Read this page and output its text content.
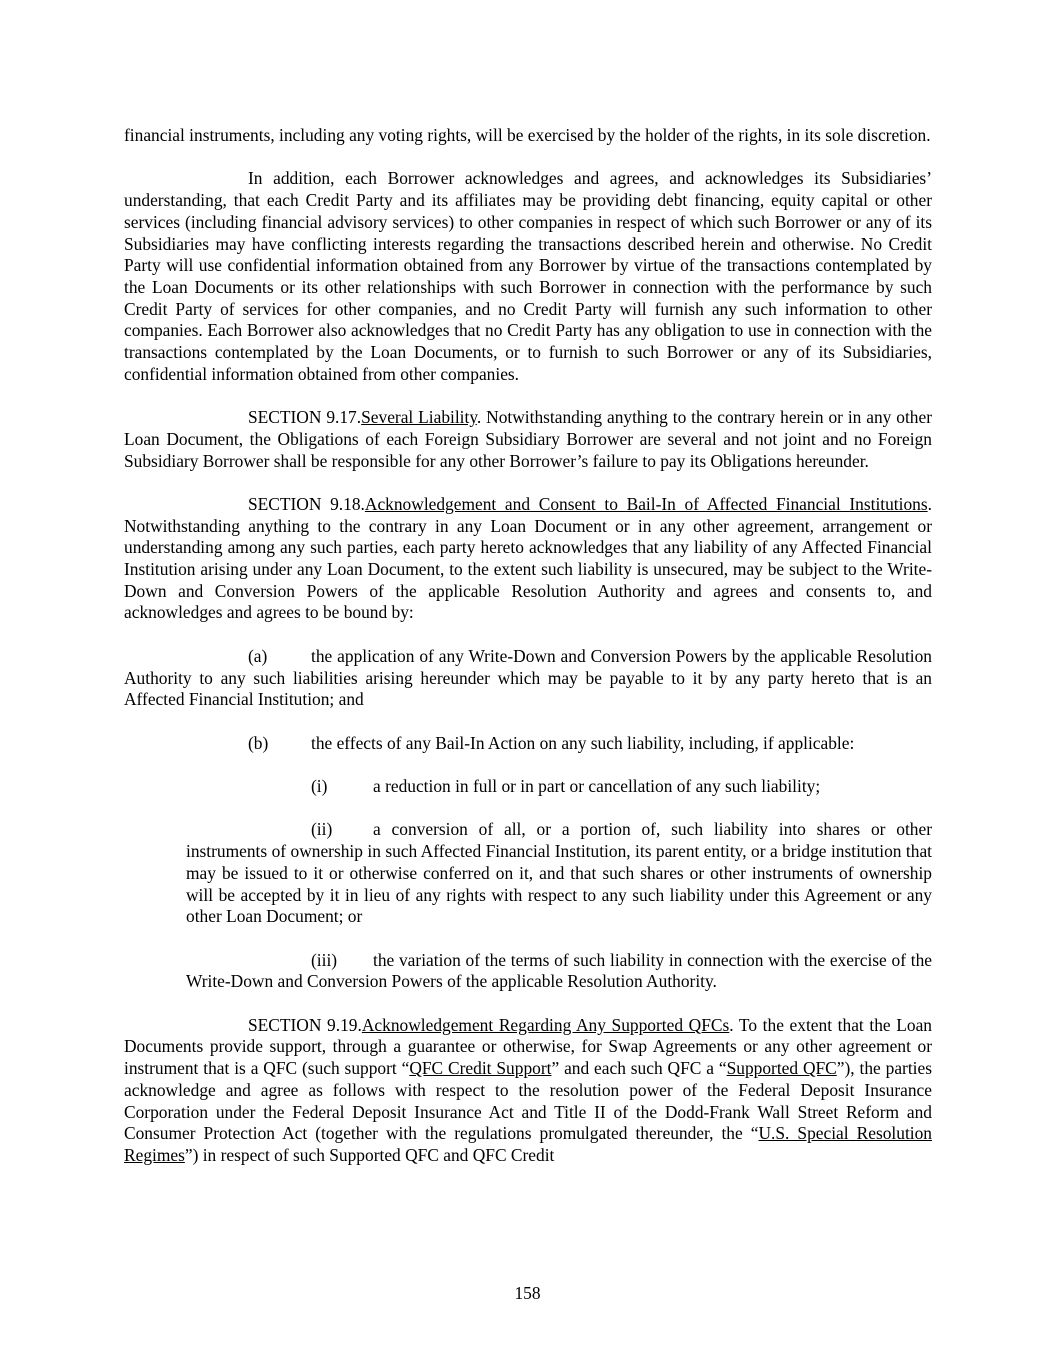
financial instruments, including any voting rights, will be exercised by the holder of the rights, in its sole discretion.

In addition, each Borrower acknowledges and agrees, and acknowledges its Subsidiaries’ understanding, that each Credit Party and its affiliates may be providing debt financing, equity capital or other services (including financial advisory services) to other companies in respect of which such Borrower or any of its Subsidiaries may have conflicting interests regarding the transactions described herein and otherwise. No Credit Party will use confidential information obtained from any Borrower by virtue of the transactions contemplated by the Loan Documents or its other relationships with such Borrower in connection with the performance by such Credit Party of services for other companies, and no Credit Party will furnish any such information to other companies. Each Borrower also acknowledges that no Credit Party has any obligation to use in connection with the transactions contemplated by the Loan Documents, or to furnish to such Borrower or any of its Subsidiaries, confidential information obtained from other companies.

SECTION 9.17.Several Liability. Notwithstanding anything to the contrary herein or in any other Loan Document, the Obligations of each Foreign Subsidiary Borrower are several and not joint and no Foreign Subsidiary Borrower shall be responsible for any other Borrower’s failure to pay its Obligations hereunder.

SECTION 9.18.Acknowledgement and Consent to Bail-In of Affected Financial Institutions. Notwithstanding anything to the contrary in any Loan Document or in any other agreement, arrangement or understanding among any such parties, each party hereto acknowledges that any liability of any Affected Financial Institution arising under any Loan Document, to the extent such liability is unsecured, may be subject to the Write-Down and Conversion Powers of the applicable Resolution Authority and agrees and consents to, and acknowledges and agrees to be bound by:

(a)	the application of any Write-Down and Conversion Powers by the applicable Resolution Authority to any such liabilities arising hereunder which may be payable to it by any party hereto that is an Affected Financial Institution; and

(b) the effects of any Bail-In Action on any such liability, including, if applicable:

(i)	a reduction in full or in part or cancellation of any such liability;

(ii) a conversion of all, or a portion of, such liability into shares or other instruments of ownership in such Affected Financial Institution, its parent entity, or a bridge institution that may be issued to it or otherwise conferred on it, and that such shares or other instruments of ownership will be accepted by it in lieu of any rights with respect to any such liability under this Agreement or any other Loan Document; or

(iii) the variation of the terms of such liability in connection with the exercise of the Write-Down and Conversion Powers of the applicable Resolution Authority.

SECTION 9.19.Acknowledgement Regarding Any Supported QFCs. To the extent that the Loan Documents provide support, through a guarantee or otherwise, for Swap Agreements or any other agreement or instrument that is a QFC (such support “QFC Credit Support” and each such QFC a “Supported QFC”), the parties acknowledge and agree as follows with respect to the resolution power of the Federal Deposit Insurance Corporation under the Federal Deposit Insurance Act and Title II of the Dodd-Frank Wall Street Reform and Consumer Protection Act (together with the regulations promulgated thereunder, the “U.S. Special Resolution Regimes”) in respect of such Supported QFC and QFC Credit

158
